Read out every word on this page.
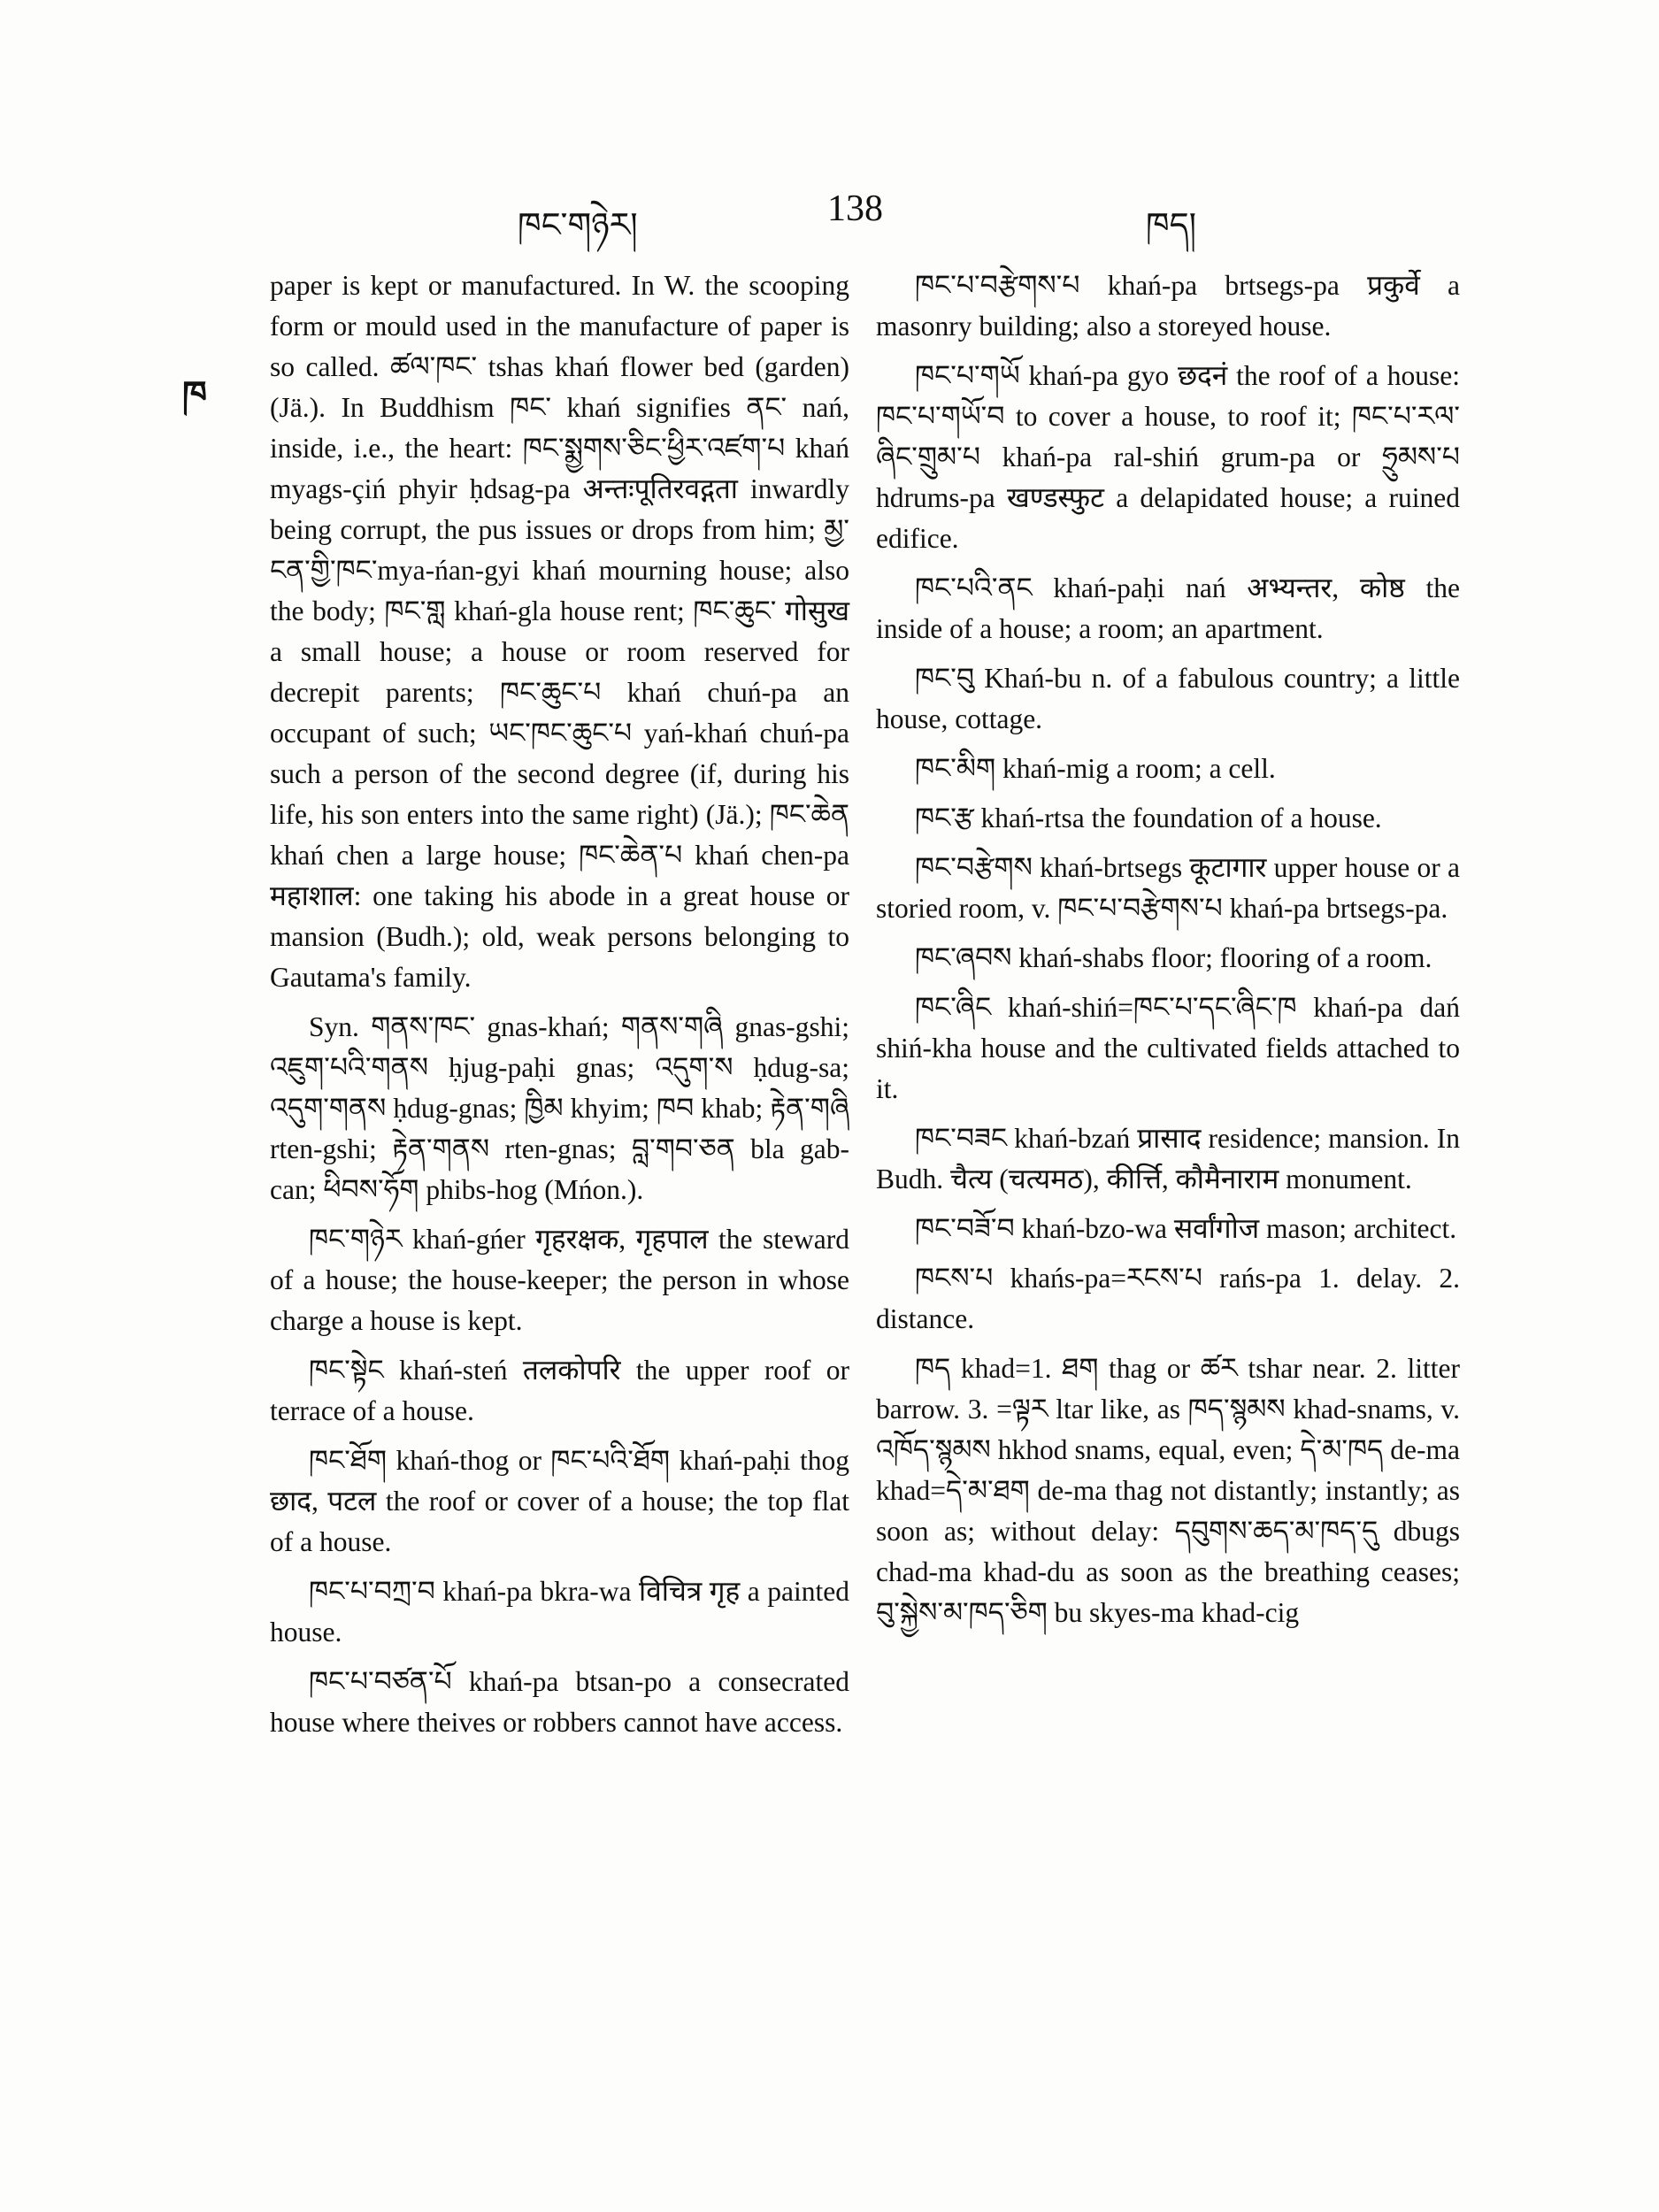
ཁང་གཉེར།	138	ཁད།
ཁ

paper is kept or manufactured. In W. the scooping form or mould used in the manufacture of paper is so called. ཚལ་ཁང་ tshas khań flower bed (garden) (Jä.). In Buddhism ཁང་ khań signifies ནང་ nań, inside, i.e., the heart: ཁང་སྨྱགས་ཅིང་ཕྱིར་འཛག་པ khań myags-çiń phyir ḥdsag-pa अन्तःपूतिरवद्गता inwardly being corrupt, the pus issues or drops from him; མྱ་ངན་གྱི་ཁང་mya-ńan-gyi khań mourning house; also the body; ཁང་གླ khań-gla house rent; ཁང་ཆུང་ गोसुख a small house; a house or room reserved for decrepit parents; ཁང་ཆུང་པ khań chuń-pa an occupant of such; ཡང་ཁང་ཆུང་པ yań-khań chuń-pa such a person of the second degree (if, during his life, his son enters into the same right) (Jä.); ཁང་ཆེན khań chen a large house; ཁང་ཆེན་པ khań chen-pa महाशाल: one taking his abode in a great house or mansion (Budh.); old, weak persons belonging to Gautama's family.

Syn. གནས་ཁང་ gnas-khań; གནས་གཞི gnas-gshi; འཇུག་པའི་གནས ḥjug-paḥi gnas; འདུག་ས ḥdug-sa; འདུག་གནས ḥdug-gnas; ཁྱིམ khyim; ཁབ khab; རྟེན་གཞི rten-gshi; རྟེན་གནས rten-gnas; བླ་གབ་ཅན bla gab-can; ཕིབས་ཧོག phibs-hog (Mńon.).

ཁང་གཉེར khań-gńer गृहरक्षक, गृहपाल the steward of a house; the house-keeper; the person in whose charge a house is kept.

ཁང་སྟེང khań-steń तलकोपरि the upper roof or terrace of a house.

ཁང་ཐོག khań-thog or ཁང་པའི་ཐོག khań-paḥi thog छाद, पटल the roof or cover of a house; the top flat of a house.

ཁང་པ་བཀྲ་བ khań-pa bkra-wa विचित्र गृह a painted house.

ཁང་པ་བཙན་པོ khań-pa btsan-po a consecrated house where theives or robbers cannot have access.

ཁང་པ་བརྩེགས་པ khań-pa brtsegs-pa प्रकुर्वे a masonry building; also a storeyed house.

ཁང་པ་གཡོ khań-pa gyo छदनं the roof of a house: ཁང་པ་གཡོ་བ to cover a house, to roof it; ཁང་པ་རལ་ཞིང་གྲུམ་པ khań-pa ral-shiń grum-pa or ཧྲུམས་པ hdrums-pa खण्डस्फुट a delapidated house; a ruined edifice.

ཁང་པའི་ནང khań-paḥi nań अभ्यन्तर, कोष्ठ the inside of a house; a room; an apartment.

ཁང་བུ Khań-bu n. of a fabulous country; a little house, cottage.

ཁང་མིག khań-mig a room; a cell.

ཁང་རྩ khań-rtsa the foundation of a house.

ཁང་བརྩེགས khań-brtsegs कूटागार upper house or a storied room, v. ཁང་པ་བརྩེགས་པ khań-pa brtsegs-pa.

ཁང་ཞབས khań-shabs floor; flooring of a room.

ཁང་ཞིང khań-shiń=ཁང་པ་དང་ཞིང་ཁ khań-pa dań shiń-kha house and the cultivated fields attached to it.

ཁང་བཟང khań-bzań प्रासाद residence; mansion. In Budh. चैत्य (चत्यमठ), कीर्त्ति, कौमैनाराम monument.

ཁང་བཟོ་བ khań-bzo-wa सर्वांगोज mason; architect.

ཁངས་པ khańs-pa=རངས་པ rańs-pa 1. delay. 2. distance.

ཁད khad=1. ཐག thag or ཚར tshar near. 2. litter barrow. 3. =ལྟར ltar like, as ཁད་སྙམས khad-snams, v. འཁོད་སྙམས hkhod snams, equal, even; དེ་མ་ཁད de-ma khad=དེ་མ་ཐག de-ma thag not distantly; instantly; as soon as; without delay: དབུགས་ཆད་མ་ཁད་དུ dbugs chad-ma khad-du as soon as the breathing ceases; བུ་སྐྱེས་མ་ཁད་ཅིག bu skyes-ma khad-cig
